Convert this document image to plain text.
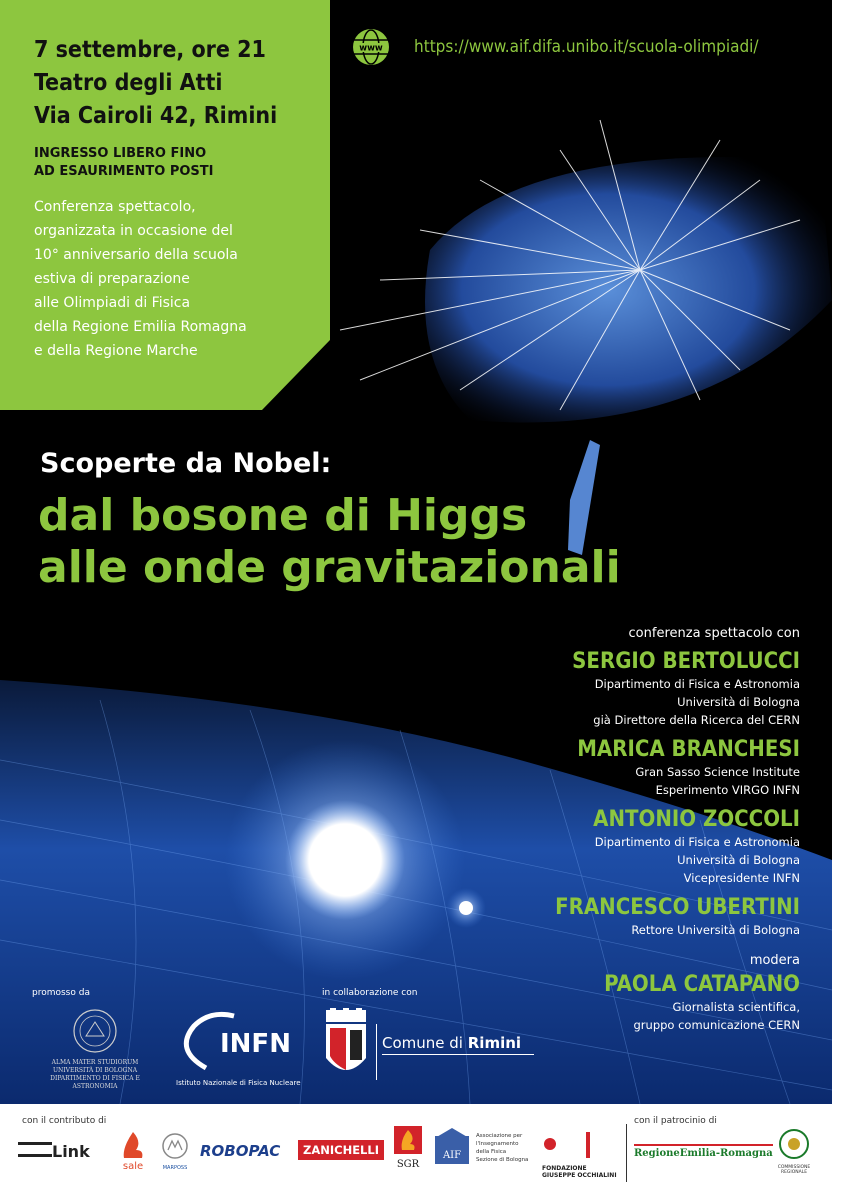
7 settembre, ore 21

Teatro degli Atti

Via Cairoli 42, Rimini

INGRESSO LIBERO FINO
AD ESAURIMENTO POSTI

Conferenza spettacolo,
organizzata in occasione del
10° anniversario della scuola
estiva di preparazione
alle Olimpiadi di Fisica
della Regione Emilia Romagna
e della Regione Marche

www https://www.aif.difa.unibo.it/scuola-olimpiadi/
Scoperte da Nobel:
dal bosone di Higgs
alle onde gravitazionali

conferenza spettacolo con

SERGIO BERTOLUCCI

Dipartimento di Fisica e Astronomia

Università di Bologna

già Direttore della Ricerca del CERN

MARICA BRANCHESI

Gran Sasso Science Institute

Esperimento VIRGO INFN

ANTONIO ZOCCOLI

Dipartimento di Fisica e Astronomia

Università di Bologna

Vicepresidente INFN

FRANCESCO UBERTINI

Rettore Università di Bologna

modera

PAOLA CATAPANO

Giornalista scientifica,

gruppo comunicazione CERN

promosso da	in collaborazione con
ALMA MATER STUDIORUM
UNIVERSITÀ DI BOLOGNA
DIPARTIMENTO DI FISICA E ASTRONOMIA
INFN
Istituto Nazionale di Fisica Nucleare
Comune di Rimini
con il contributo di	con il patrocinio di
Link
sale	MARPOSS
ROBOPAC	ZANICHELLI
SGR
AIF
Associazione per
l'Insegnamento
della Fisica
Sezione di Bologna
FONDAZIONE
GIUSEPPE OCCHIALINI
RegioneEmilia-Romagna
COMMISSIONE REGIONALE
